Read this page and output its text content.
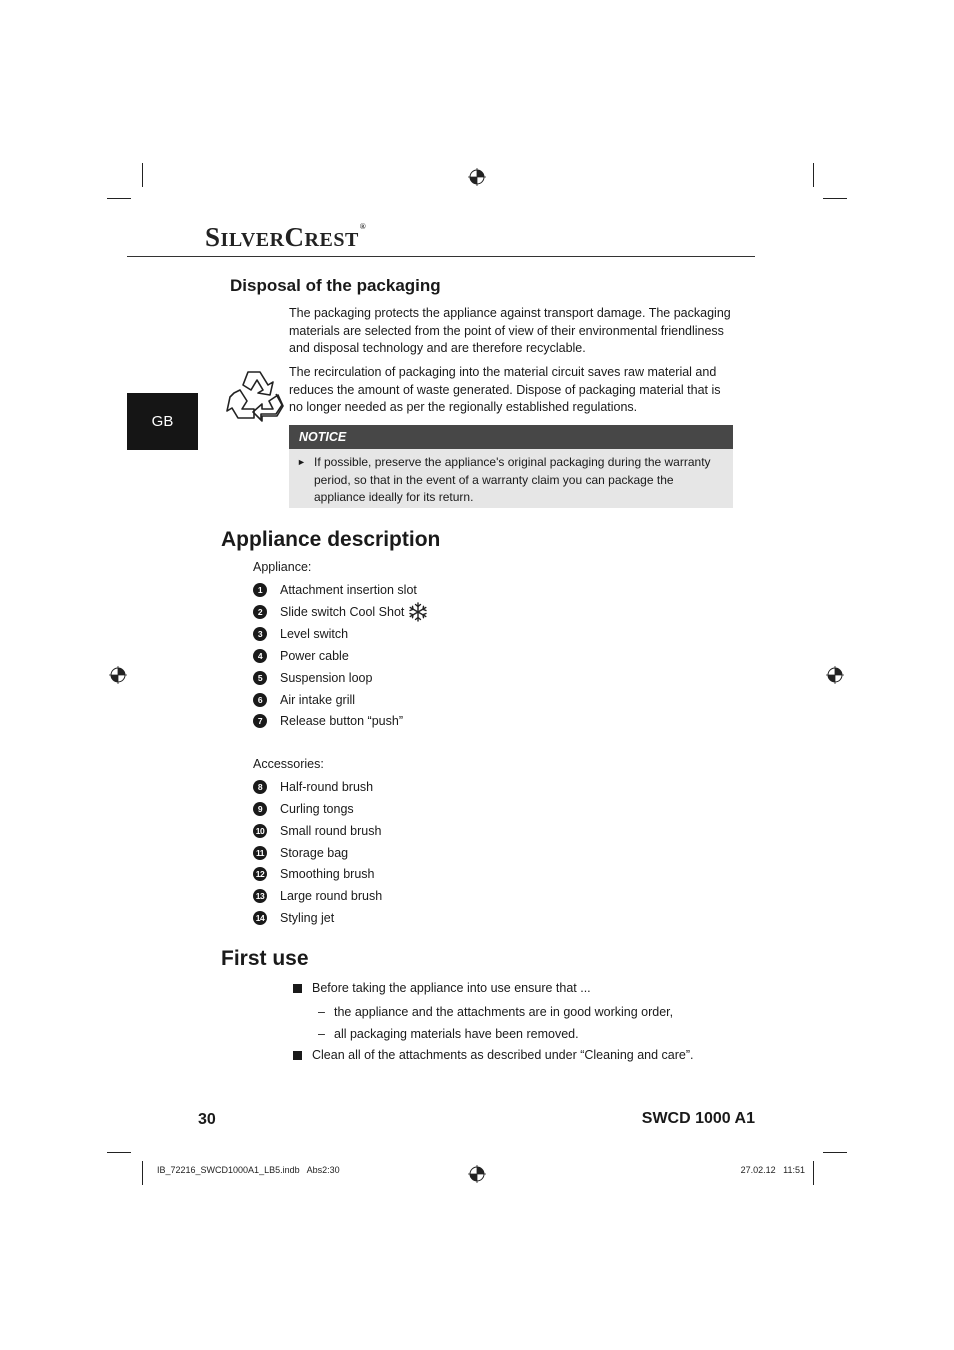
SILVERCREST®
GB
Disposal of the packaging

The packaging protects the appliance against transport damage. The packaging materials are selected from the point of view of their environmental friendliness and disposal technology and are therefore recyclable.

The recirculation of packaging into the material circuit saves raw material and reduces the amount of waste generated. Dispose of packaging material that is no longer needed as per the regionally established regulations.

NOTICE
► If possible, preserve the appliance's original packaging during the warranty period, so that in the event of a warranty claim you can package the appliance ideally for its return.
Appliance description
Appliance:
1	Attachment insertion slot
2	Slide switch Cool Shot
3	Level switch
4	Power cable
5	Suspension loop
6	Air intake grill
7	Release button “push”
Accessories:
8	Half-round brush
9	Curling tongs
10 Small round brush
11 Storage bag
12 Smoothing brush
13 Large round brush
14 Styling jet
First use
Before taking the appliance into use ensure that ...
– the appliance and the attachments are in good working order,
– all packaging materials have been removed.
Clean all of the attachments as described under “Cleaning and care”.
30	SWCD 1000 A1
IB_72216_SWCD1000A1_LB5.indb   Abs2:30	27.02.12   11:51
